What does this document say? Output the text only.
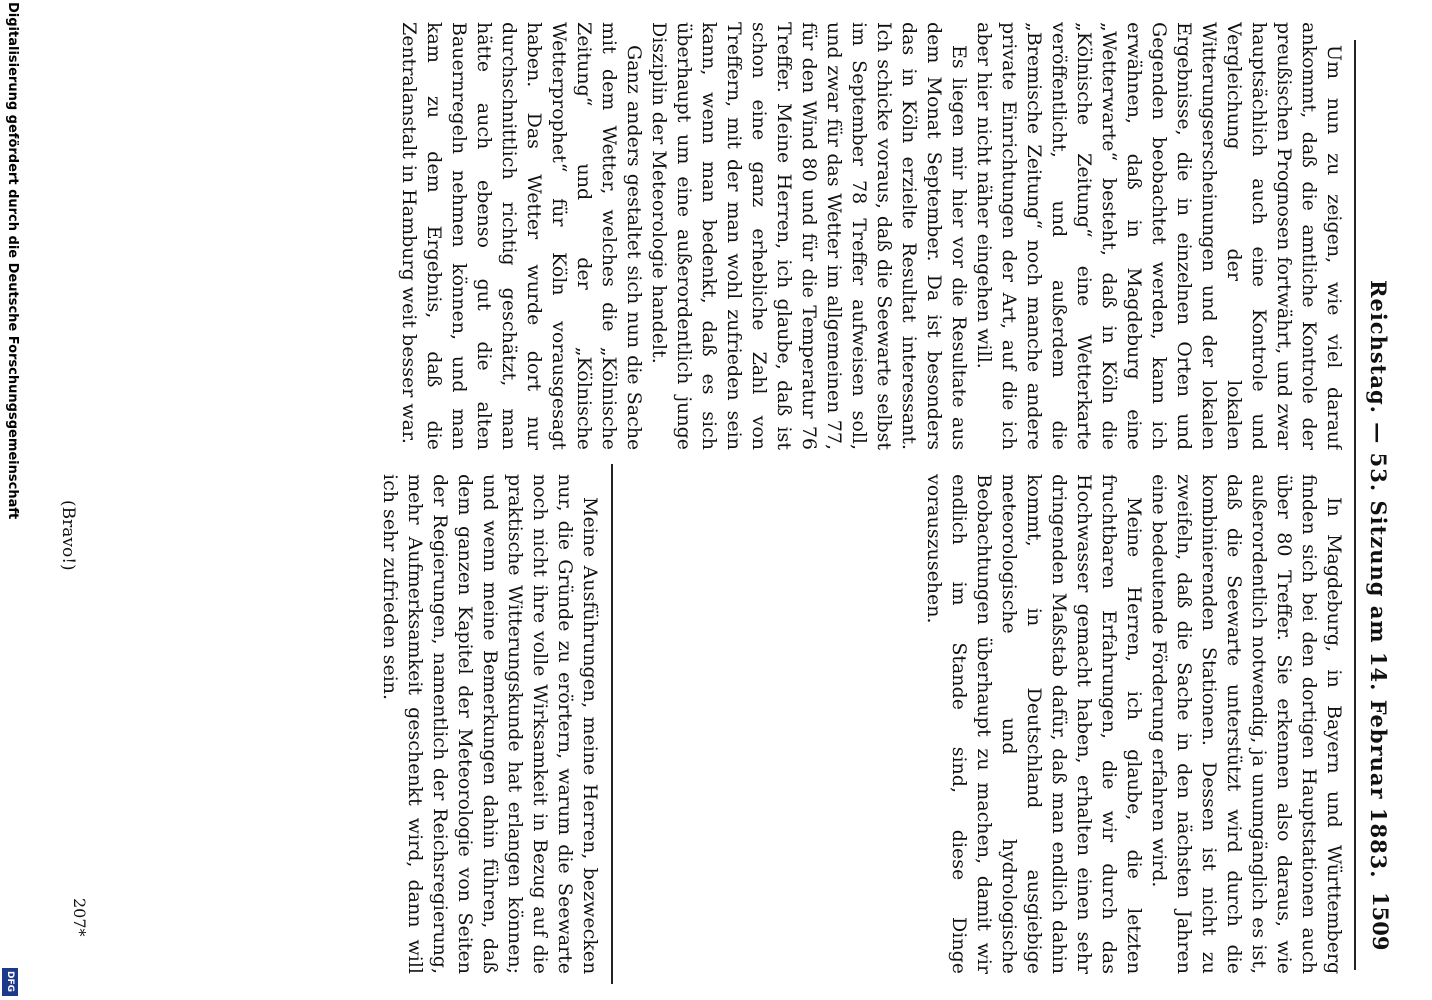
Reichstag. — 53. Sitzung am 14. Februar 1883.
1509

Um nun zu zeigen, wie viel darauf ankommt, daß die amtliche Kontrole der preußischen Prognosen fortwährt, und zwar hauptsächlich auch eine Kontrole und Vergleichung der lokalen Witterungserscheinungen und der lokalen Ergebnisse, die in einzelnen Orten und Gegenden beobachtet werden, kann ich erwähnen, daß in Magdeburg eine „Wetterwarte“ besteht, daß in Köln die „Kölnische Zeitung“ eine Wetterkarte veröffentlicht, und außerdem die „Bremische Zeitung“ noch manche andere private Einrichtungen der Art, auf die ich aber hier nicht näher eingehen will.

Es liegen mir hier vor die Resultate aus dem Monat September. Da ist besonders das in Köln erzielte Resultat interessant. Ich schicke voraus, daß die Seewarte selbst im September 78 Treffer aufweisen soll, und zwar für das Wetter im allgemeinen 77, für den Wind 80 und für die Temperatur 76 Treffer. Meine Herren, ich glaube, daß ist schon eine ganz erhebliche Zahl von Treffern, mit der man wohl zufrieden sein kann, wenn man bedenkt, daß es sich überhaupt um eine außerordentlich junge Disziplin der Meteorologie handelt.

Ganz anders gestaltet sich nun die Sache mit dem Wetter, welches die „Kölnische Zeitung“ und der „Kölnische Wetterprophet“ für Köln vorausgesagt haben. Das Wetter wurde dort nur durchschnittlich richtig geschätzt, man hätte auch ebenso gut die alten Bauernregeln nehmen können, und man kam zu dem Ergebnis, daß die Zentralanstalt in Hamburg weit besser war.

In Magdeburg, in Bayern und Württemberg finden sich bei den dortigen Hauptstationen auch über 80 Treffer. Sie erkennen also daraus, wie außerordentlich notwendig, ja unumgänglich es ist, daß die Seewarte unterstützt wird durch die kombinierenden Stationen. Dessen ist nicht zu zweifeln, daß die Sache in den nächsten Jahren eine bedeutende Förderung erfahren wird.

Meine Herren, ich glaube, die letzten fruchtbaren Erfahrungen, die wir durch das Hochwasser gemacht haben, erhalten einen sehr dringenden Maßstab dafür, daß man endlich dahin kommt, in Deutschland ausgiebige meteorologische und hydrologische Beobachtungen überhaupt zu machen, damit wir endlich im Stande sind, diese Dinge vorauszusehen.

Meine Ausführungen, meine Herren, bezwecken nur, die Gründe zu erörtern, warum die Seewarte noch nicht ihre volle Wirksamkeit in Bezug auf die praktische Witterungskunde hat erlangen können; und wenn meine Bemerkungen dahin führen, daß dem ganzen Kapitel der Meteorologie von Seiten der Regierungen, namentlich der Reichsregierung, mehr Aufmerksamkeit geschenkt wird, dann will ich sehr zufrieden sein.

(Bravo!)
207*
Digitalisierung gefördert durch die Deutsche Forschungsgemeinschaft
DFG
